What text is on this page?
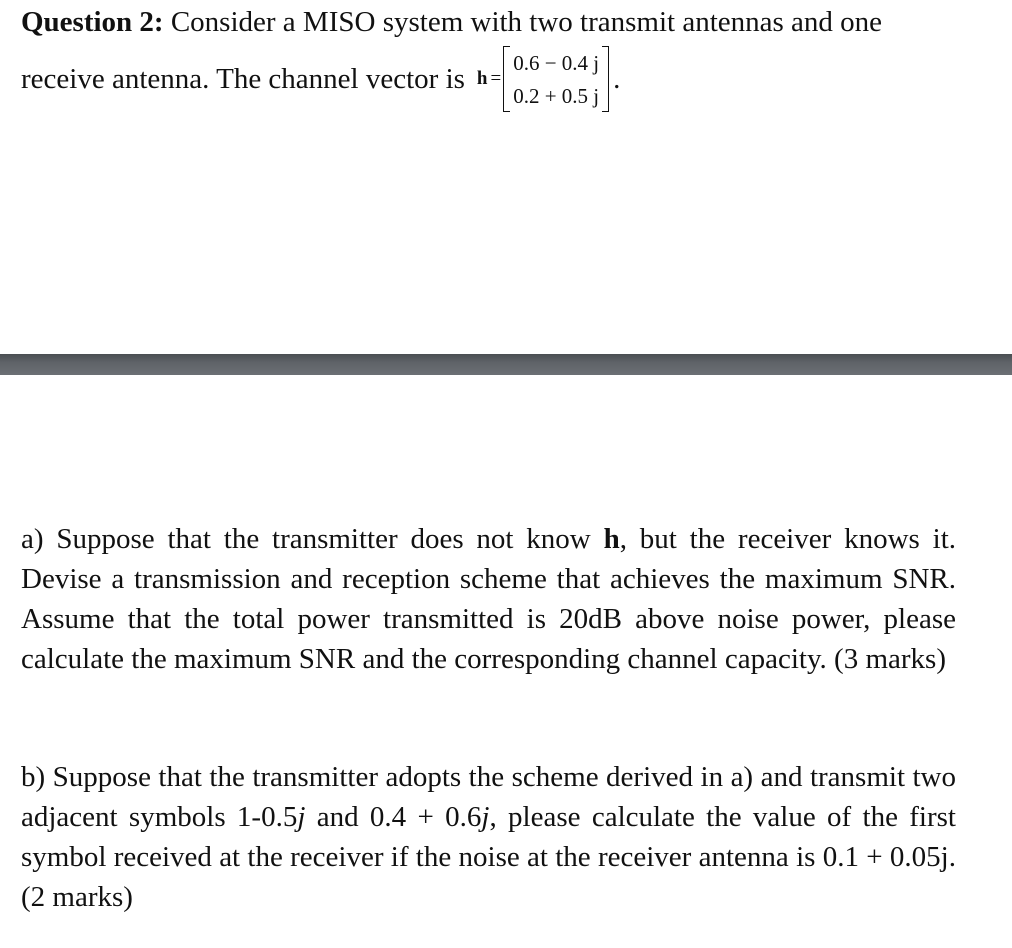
Question 2: Consider a MISO system with two transmit antennas and one
receive antenna. The channel vector is h =
0.6 − 0.4 j
0.2 + 0.5 j
.

a) Suppose that the transmitter does not know h, but the receiver knows it. Devise a transmission and reception scheme that achieves the maximum SNR. Assume that the total power transmitted is 20dB above noise power, please calculate the maximum SNR and the corresponding channel capacity. (3 marks)

b) Suppose that the transmitter adopts the scheme derived in a) and transmit two adjacent symbols 1-0.5j and 0.4 + 0.6j, please calculate the value of the first symbol received at the receiver if the noise at the receiver antenna is 0.1 + 0.05j. (2 marks)
